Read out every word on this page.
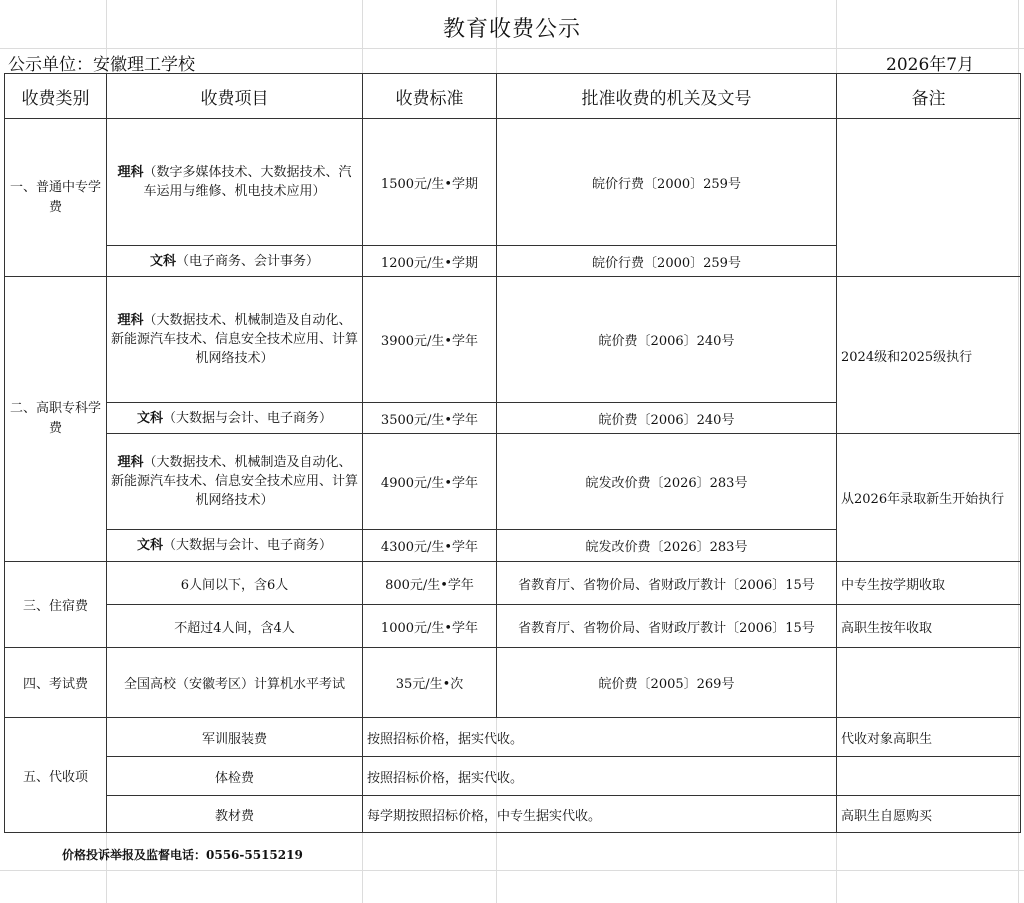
教育收费公示
公示单位：安徽理工学校	2026年7月
收费类别	收费项目	收费标准	批准收费的机关及文号	备注
一、普通中专学费	理科（数字多媒体技术、大数据技术、汽车运用与维修、机电技术应用）	1500元/生•学期	皖价行费〔2000〕259号	
	文科（电子商务、会计事务）	1200元/生•学期	皖价行费〔2000〕259号	
二、高职专科学费	理科（大数据技术、机械制造及自动化、新能源汽车技术、信息安全技术应用、计算机网络技术）	3900元/生•学年	皖价费〔2006〕240号	2024级和2025级执行
	文科（大数据与会计、电子商务）	3500元/生•学年	皖价费〔2006〕240号	
	理科（大数据技术、机械制造及自动化、新能源汽车技术、信息安全技术应用、计算机网络技术）	4900元/生•学年	皖发改价费〔2026〕283号	从2026年录取新生开始执行
	文科（大数据与会计、电子商务）	4300元/生•学年	皖发改价费〔2026〕283号	
三、住宿费	6人间以下，含6人	800元/生•学年	省教育厅、省物价局、省财政厅教计〔2006〕15号	中专生按学期收取
	不超过4人间，含4人	1000元/生•学年	省教育厅、省物价局、省财政厅教计〔2006〕15号	高职生按年收取
四、考试费	全国高校（安徽考区）计算机水平考试	35元/生•次	皖价费〔2005〕269号	
五、代收项	军训服装费	按照招标价格，据实代收。		代收对象高职生
	体检费	按照招标价格，据实代收。		
	教材费	每学期按照招标价格，中专生据实代收。		高职生自愿购买
价格投诉举报及监督电话：0556-5515219
